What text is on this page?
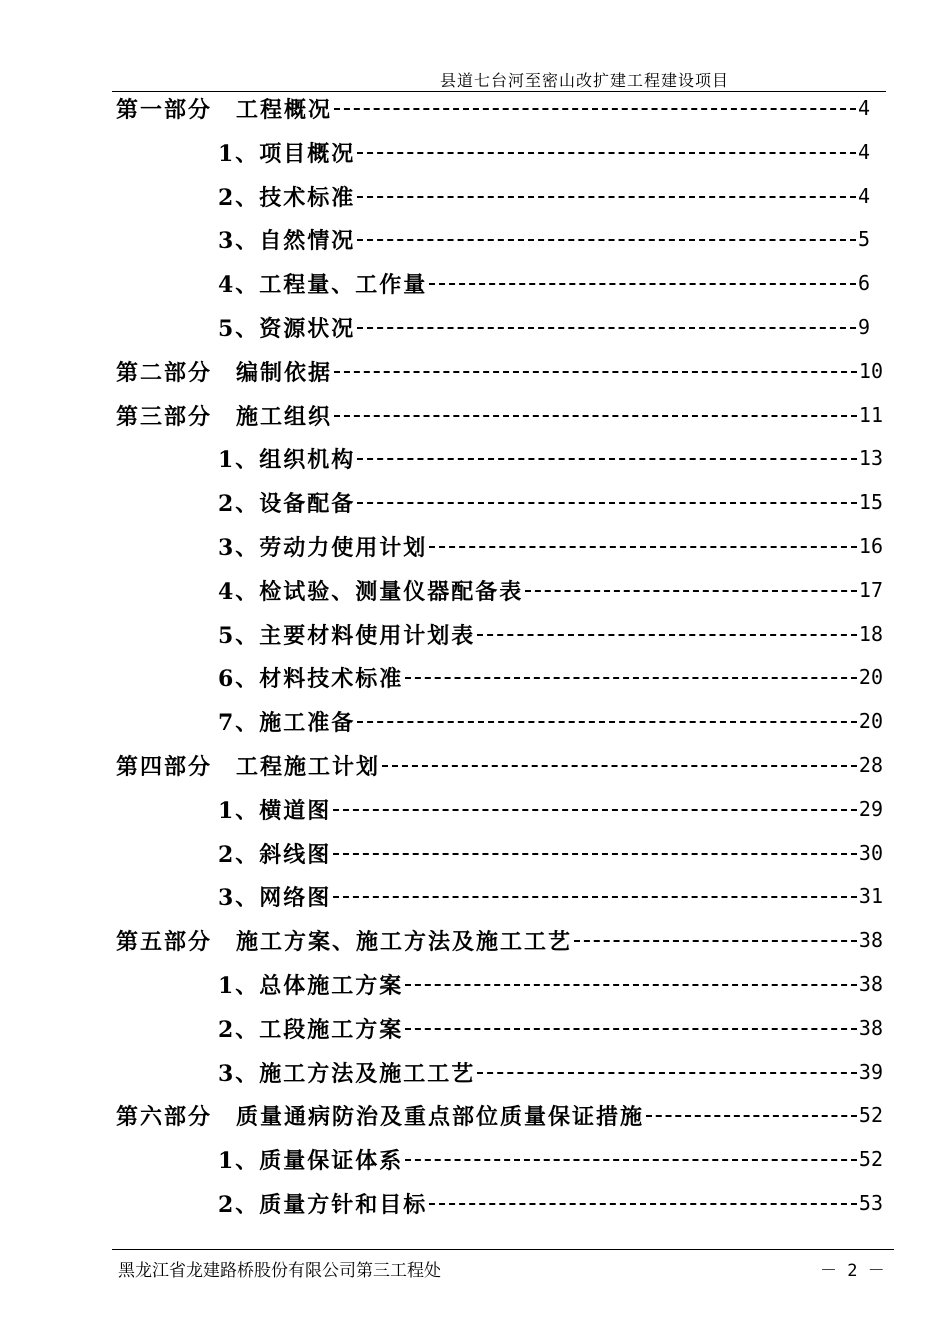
县道七台河至密山改扩建工程建设项目
第一部分 工程概况	4
1、项目概况	4
2、技术标准	4
3、自然情况	5
4、工程量、工作量	6
5、资源状况	9
第二部分 编制依据	10
第三部分 施工组织	11
1、组织机构	13
2、设备配备	15
3、劳动力使用计划	16
4、检试验、测量仪器配备表	17
5、主要材料使用计划表	18
6、材料技术标准	20
7、施工准备	20
第四部分 工程施工计划	28
1、横道图	29
2、斜线图	30
3、网络图	31
第五部分 施工方案、施工方法及施工工艺	38
1、总体施工方案	38
2、工段施工方案	38
3、施工方法及施工工艺	39
第六部分 质量通病防治及重点部位质量保证措施	52
1、质量保证体系	52
2、质量方针和目标	53
黑龙江省龙建路桥股份有限公司第三工程处	－ 2 －
